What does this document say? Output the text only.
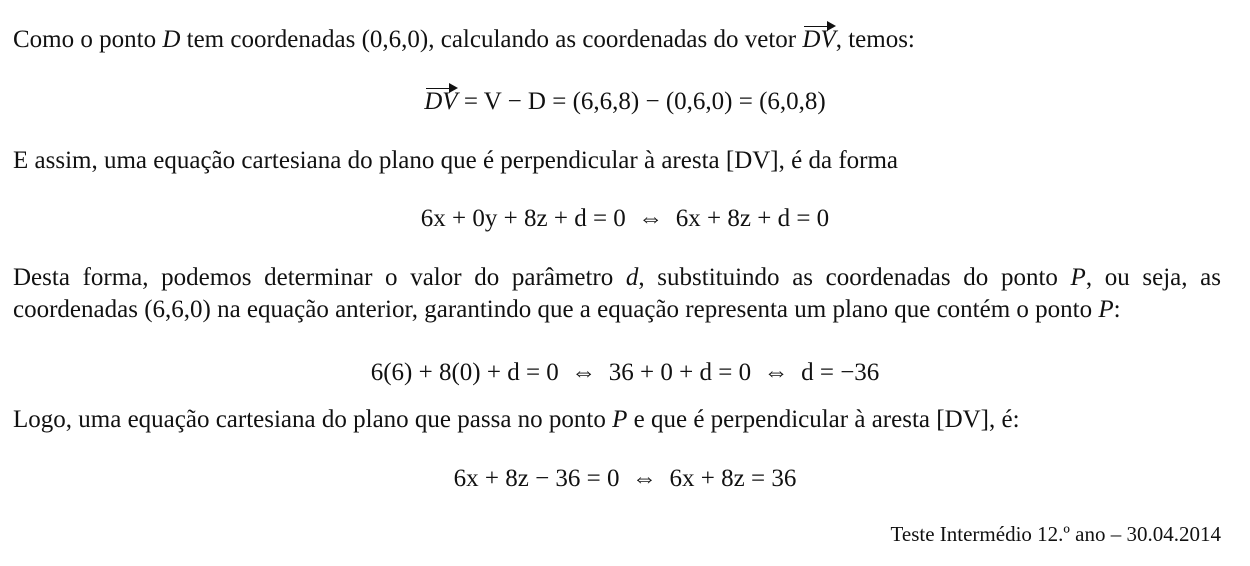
Como o ponto D tem coordenadas (0,6,0), calculando as coordenadas do vetor DV, temos:
DV = V − D = (6,6,8) − (0,6,0) = (6,0,8)
E assim, uma equação cartesiana do plano que é perpendicular à aresta [DV], é da forma
6x + 0y + 8z + d = 0  ⇔  6x + 8z + d = 0
Desta forma, podemos determinar o valor do parâmetro d, substituindo as coordenadas do ponto P, ou seja, as coordenadas (6,6,0) na equação anterior, garantindo que a equação representa um plano que contém o ponto P:
6(6) + 8(0) + d = 0  ⇔  36 + 0 + d = 0  ⇔  d = −36
Logo, uma equação cartesiana do plano que passa no ponto P e que é perpendicular à aresta [DV], é:
6x + 8z − 36 = 0  ⇔  6x + 8z = 36
Teste Intermédio 12.º ano – 30.04.2014
